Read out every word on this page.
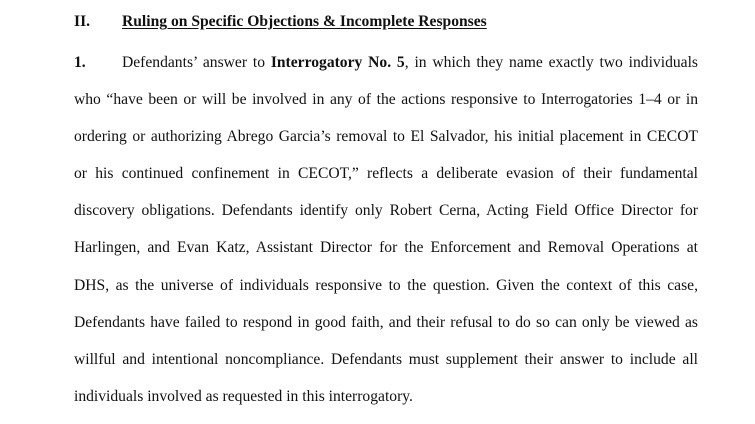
II. Ruling on Specific Objections & Incomplete Responses
1. Defendants’ answer to Interrogatory No. 5, in which they name exactly two individuals
who “have been or will be involved in any of the actions responsive to Interrogatories 1–4 or in
ordering or authorizing Abrego Garcia’s removal to El Salvador, his initial placement in CECOT
or his continued confinement in CECOT,” reflects a deliberate evasion of their fundamental
discovery obligations. Defendants identify only Robert Cerna, Acting Field Office Director for
Harlingen, and Evan Katz, Assistant Director for the Enforcement and Removal Operations at
DHS, as the universe of individuals responsive to the question. Given the context of this case,
Defendants have failed to respond in good faith, and their refusal to do so can only be viewed as
willful and intentional noncompliance. Defendants must supplement their answer to include all
individuals involved as requested in this interrogatory.
